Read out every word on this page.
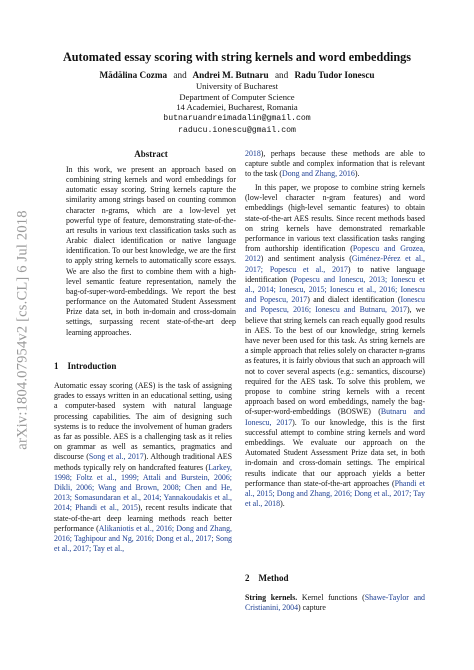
arXiv:1804.07954v2 [cs.CL] 6 Jul 2018
Automated essay scoring with string kernels and word embeddings
Mădălina Cozma and Andrei M. Butnaru and Radu Tudor Ionescu
University of Bucharest
Department of Computer Science
14 Academiei, Bucharest, Romania
butnaruandreimadalin@gmail.com
raducu.ionescu@gmail.com
Abstract
In this work, we present an approach based on combining string kernels and word embeddings for automatic essay scoring. String kernels capture the similarity among strings based on counting common character n-grams, which are a low-level yet powerful type of feature, demonstrating state-of-the-art results in various text classification tasks such as Arabic dialect identification or native language identification. To our best knowledge, we are the first to apply string kernels to automatically score essays. We are also the first to combine them with a high-level semantic feature representation, namely the bag-of-super-word-embeddings. We report the best performance on the Automated Student Assessment Prize data set, in both in-domain and cross-domain settings, surpassing recent state-of-the-art deep learning approaches.
1 Introduction
Automatic essay scoring (AES) is the task of assigning grades to essays written in an educational setting, using a computer-based system with natural language processing capabilities. The aim of designing such systems is to reduce the involvement of human graders as far as possible. AES is a challenging task as it relies on grammar as well as semantics, pragmatics and discourse (Song et al., 2017). Although traditional AES methods typically rely on handcrafted features (Larkey, 1998; Foltz et al., 1999; Attali and Burstein, 2006; Dikli, 2006; Wang and Brown, 2008; Chen and He, 2013; Somasundaran et al., 2014; Yannakoudakis et al., 2014; Phandi et al., 2015), recent results indicate that state-of-the-art deep learning methods reach better performance (Alikaniotis et al., 2016; Dong and Zhang, 2016; Taghipour and Ng, 2016; Dong et al., 2017; Song et al., 2017; Tay et al.,
2018), perhaps because these methods are able to capture subtle and complex information that is relevant to the task (Dong and Zhang, 2016).
In this paper, we propose to combine string kernels (low-level character n-gram features) and word embeddings (high-level semantic features) to obtain state-of-the-art AES results. Since recent methods based on string kernels have demonstrated remarkable performance in various text classification tasks ranging from authorship identification (Popescu and Grozea, 2012) and sentiment analysis (Giménez-Pérez et al., 2017; Popescu et al., 2017) to native language identification (Popescu and Ionescu, 2013; Ionescu et al., 2014; Ionescu, 2015; Ionescu et al., 2016; Ionescu and Popescu, 2017) and dialect identification (Ionescu and Popescu, 2016; Ionescu and Butnaru, 2017), we believe that string kernels can reach equally good results in AES. To the best of our knowledge, string kernels have never been used for this task. As string kernels are a simple approach that relies solely on character n-grams as features, it is fairly obvious that such an approach will not to cover several aspects (e.g.: semantics, discourse) required for the AES task. To solve this problem, we propose to combine string kernels with a recent approach based on word embeddings, namely the bag-of-super-word-embeddings (BOSWE) (Butnaru and Ionescu, 2017). To our knowledge, this is the first successful attempt to combine string kernels and word embeddings. We evaluate our approach on the Automated Student Assessment Prize data set, in both in-domain and cross-domain settings. The empirical results indicate that our approach yields a better performance than state-of-the-art approaches (Phandi et al., 2015; Dong and Zhang, 2016; Dong et al., 2017; Tay et al., 2018).
2 Method
String kernels. Kernel functions (Shawe-Taylor and Cristianini, 2004) capture
